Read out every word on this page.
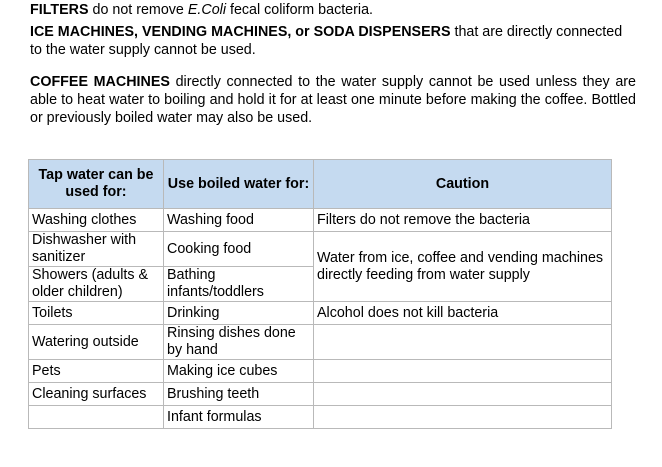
FILTERS do not remove E.Coli fecal coliform bacteria.

ICE MACHINES, VENDING MACHINES, or SODA DISPENSERS that are directly connected to the water supply cannot be used.

COFFEE MACHINES directly connected to the water supply cannot be used unless they are able to heat water to boiling and hold it for at least one minute before making the coffee. Bottled or previously boiled water may also be used.

Tap water can be used for:	Use boiled water for:	Caution
Washing clothes	Washing food	Filters do not remove the bacteria
Dishwasher with sanitizer	Cooking food	Water from ice, coffee and vending machines directly feeding from water supply
Showers (adults & older children)	Bathing infants/toddlers	
Toilets	Drinking	Alcohol does not kill bacteria
Watering outside	Rinsing dishes done by hand	
Pets	Making ice cubes	
Cleaning surfaces	Brushing teeth	
	Infant formulas	
